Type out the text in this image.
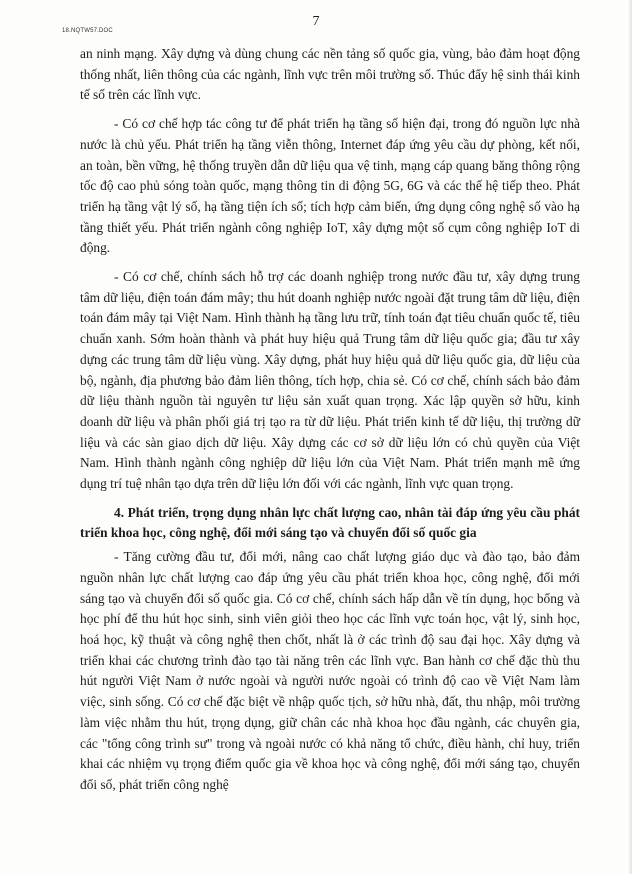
18.NQTW57.DOC
7

an ninh mạng. Xây dựng và dùng chung các nền tảng số quốc gia, vùng, bảo đảm hoạt động thống nhất, liên thông của các ngành, lĩnh vực trên môi trường số. Thúc đẩy hệ sinh thái kinh tế số trên các lĩnh vực.

- Có cơ chế hợp tác công tư để phát triển hạ tầng số hiện đại, trong đó nguồn lực nhà nước là chủ yếu. Phát triển hạ tầng viễn thông, Internet đáp ứng yêu cầu dự phòng, kết nối, an toàn, bền vững, hệ thống truyền dẫn dữ liệu qua vệ tinh, mạng cáp quang băng thông rộng tốc độ cao phủ sóng toàn quốc, mạng thông tin di động 5G, 6G và các thế hệ tiếp theo. Phát triển hạ tầng vật lý số, hạ tầng tiện ích số; tích hợp cảm biến, ứng dụng công nghệ số vào hạ tầng thiết yếu. Phát triển ngành công nghiệp IoT, xây dựng một số cụm công nghiệp IoT di động.

- Có cơ chế, chính sách hỗ trợ các doanh nghiệp trong nước đầu tư, xây dựng trung tâm dữ liệu, điện toán đám mây; thu hút doanh nghiệp nước ngoài đặt trung tâm dữ liệu, điện toán đám mây tại Việt Nam. Hình thành hạ tầng lưu trữ, tính toán đạt tiêu chuẩn quốc tế, tiêu chuẩn xanh. Sớm hoàn thành và phát huy hiệu quả Trung tâm dữ liệu quốc gia; đầu tư xây dựng các trung tâm dữ liệu vùng. Xây dựng, phát huy hiệu quả dữ liệu quốc gia, dữ liệu của bộ, ngành, địa phương bảo đảm liên thông, tích hợp, chia sẻ. Có cơ chế, chính sách bảo đảm dữ liệu thành nguồn tài nguyên tư liệu sản xuất quan trọng. Xác lập quyền sở hữu, kinh doanh dữ liệu và phân phối giá trị tạo ra từ dữ liệu. Phát triển kinh tế dữ liệu, thị trường dữ liệu và các sàn giao dịch dữ liệu. Xây dựng các cơ sở dữ liệu lớn có chủ quyền của Việt Nam. Hình thành ngành công nghiệp dữ liệu lớn của Việt Nam. Phát triển mạnh mẽ ứng dụng trí tuệ nhân tạo dựa trên dữ liệu lớn đối với các ngành, lĩnh vực quan trọng.

4. Phát triển, trọng dụng nhân lực chất lượng cao, nhân tài đáp ứng yêu cầu phát triển khoa học, công nghệ, đổi mới sáng tạo và chuyển đổi số quốc gia

- Tăng cường đầu tư, đổi mới, nâng cao chất lượng giáo dục và đào tạo, bảo đảm nguồn nhân lực chất lượng cao đáp ứng yêu cầu phát triển khoa học, công nghệ, đổi mới sáng tạo và chuyển đổi số quốc gia. Có cơ chế, chính sách hấp dẫn về tín dụng, học bổng và học phí để thu hút học sinh, sinh viên giỏi theo học các lĩnh vực toán học, vật lý, sinh học, hoá học, kỹ thuật và công nghệ then chốt, nhất là ở các trình độ sau đại học. Xây dựng và triển khai các chương trình đào tạo tài năng trên các lĩnh vực. Ban hành cơ chế đặc thù thu hút người Việt Nam ở nước ngoài và người nước ngoài có trình độ cao về Việt Nam làm việc, sinh sống. Có cơ chế đặc biệt về nhập quốc tịch, sở hữu nhà, đất, thu nhập, môi trường làm việc nhằm thu hút, trọng dụng, giữ chân các nhà khoa học đầu ngành, các chuyên gia, các "tổng công trình sư" trong và ngoài nước có khả năng tổ chức, điều hành, chỉ huy, triển khai các nhiệm vụ trọng điểm quốc gia về khoa học và công nghệ, đổi mới sáng tạo, chuyển đổi số, phát triển công nghệ
